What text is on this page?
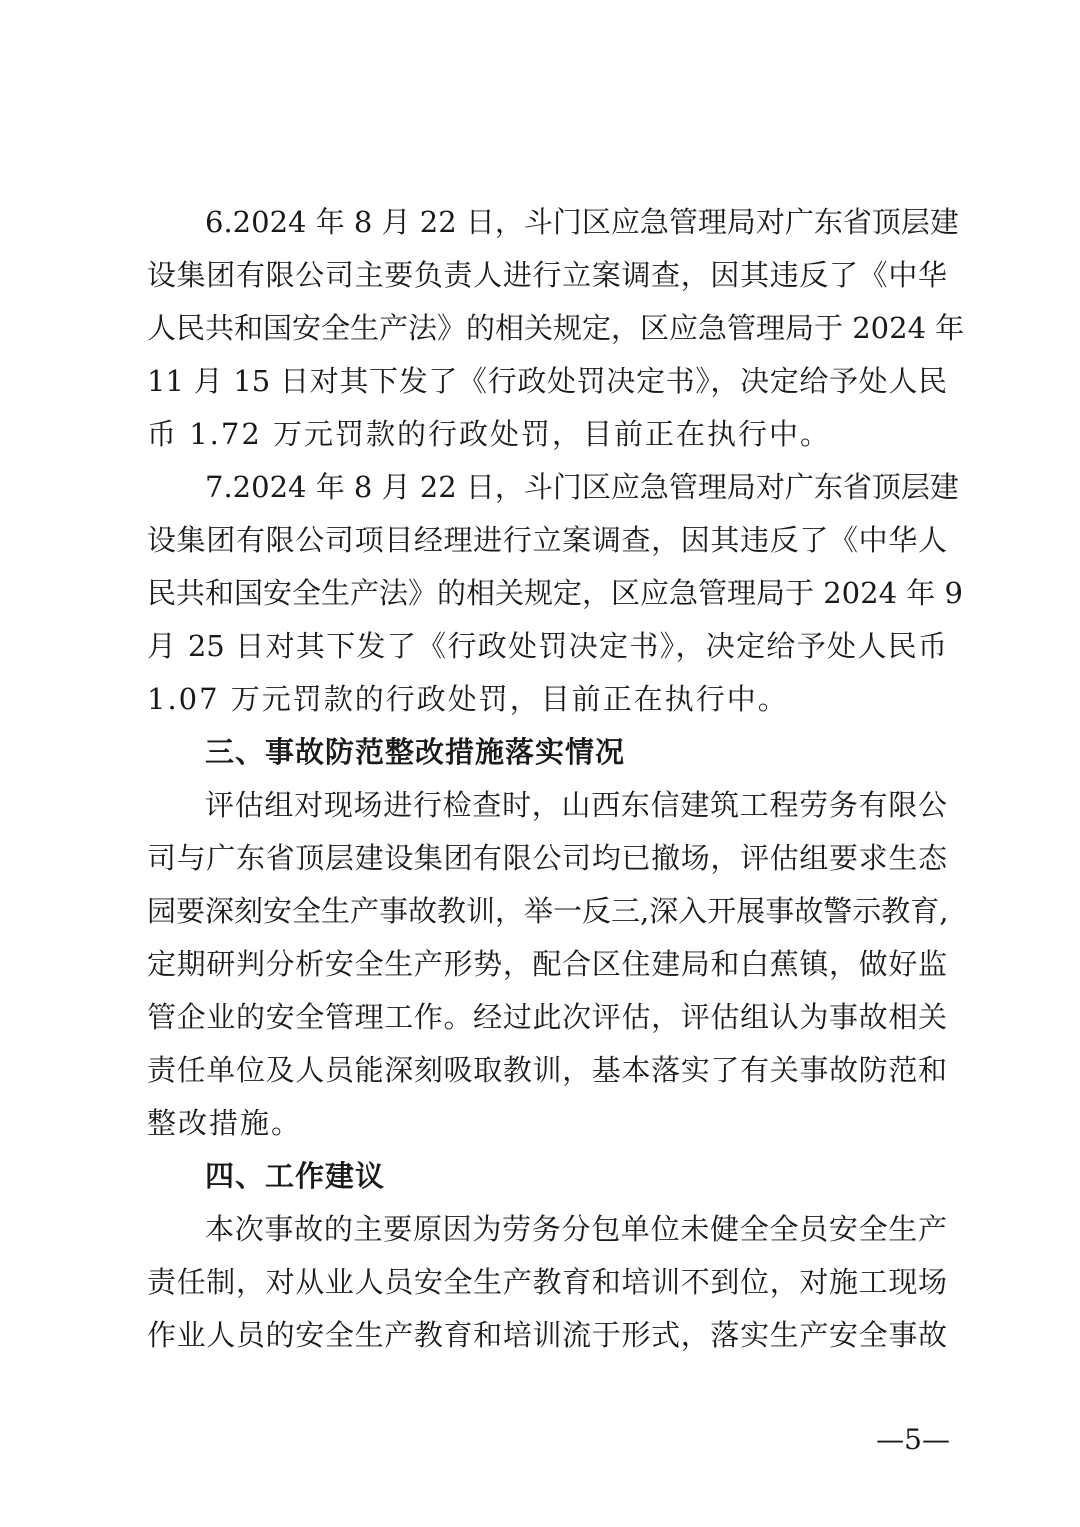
6.2024 年 8 月 22 日，斗门区应急管理局对广东省顶层建
设集团有限公司主要负责人进行立案调查，因其违反了《中华
人民共和国安全生产法》的相关规定，区应急管理局于 2024 年
11 月 15 日对其下发了《行政处罚决定书》，决定给予处人民
币 1.72 万元罚款的行政处罚，目前正在执行中。
7.2024 年 8 月 22 日，斗门区应急管理局对广东省顶层建
设集团有限公司项目经理进行立案调查，因其违反了《中华人
民共和国安全生产法》的相关规定，区应急管理局于 2024 年 9
月 25 日对其下发了《行政处罚决定书》，决定给予处人民币
1.07 万元罚款的行政处罚，目前正在执行中。
三、事故防范整改措施落实情况
评估组对现场进行检查时，山西东信建筑工程劳务有限公
司与广东省顶层建设集团有限公司均已撤场，评估组要求生态
园要深刻安全生产事故教训，举一反三,深入开展事故警示教育,
定期研判分析安全生产形势，配合区住建局和白蕉镇，做好监
管企业的安全管理工作。经过此次评估，评估组认为事故相关
责任单位及人员能深刻吸取教训，基本落实了有关事故防范和
整改措施。
四、工作建议
本次事故的主要原因为劳务分包单位未健全全员安全生产
责任制，对从业人员安全生产教育和培训不到位，对施工现场
作业人员的安全生产教育和培训流于形式，落实生产安全事故
—5—
